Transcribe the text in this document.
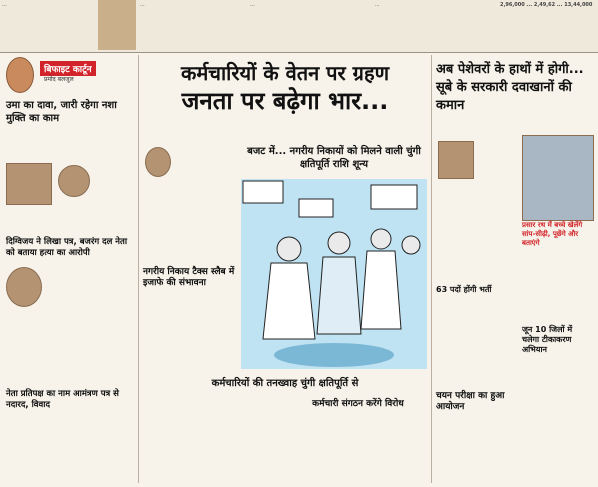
...	...	...	...	2,96,000 ... 2,49,62 ... 13,44,000
बिफाइट कार्टून
प्रमोद बलजुल
उमा का दावा, जारी रहेगा नशा मुक्ति का काम
दिग्विजय ने लिखा पत्र, बजरंग दल नेता को बताया हत्या का आरोपी
नेता प्रतिपक्ष का नाम आमंत्रण पत्र से नदारद, विवाद
कर्मचारियों के वेतन पर ग्रहण
जनता पर बढ़ेगा भार...
बजट में... नगरीय निकायों को मिलने वाली चुंगी क्षतिपूर्ति राशि शून्य
नगरीय निकाय टैक्स स्लैब में इजाफे की संभावना
कर्मचारियों की तनख्वाह चुंगी क्षतिपूर्ति से
कर्मचारी संगठन करेंगे विरोध
अब पेशेवरों के हाथों में होगी... सूबे के सरकारी दवाखानों की कमान
प्रसार रथ में बच्चे खेलेंगे सांप-सीढ़ी, पूछेंगे और बताएंगे
63 पदों होंगी भर्ती
जून 10 जिलों में चलेगा टीकाकरण अभियान
चयन परीक्षा का हुआ आयोजन
